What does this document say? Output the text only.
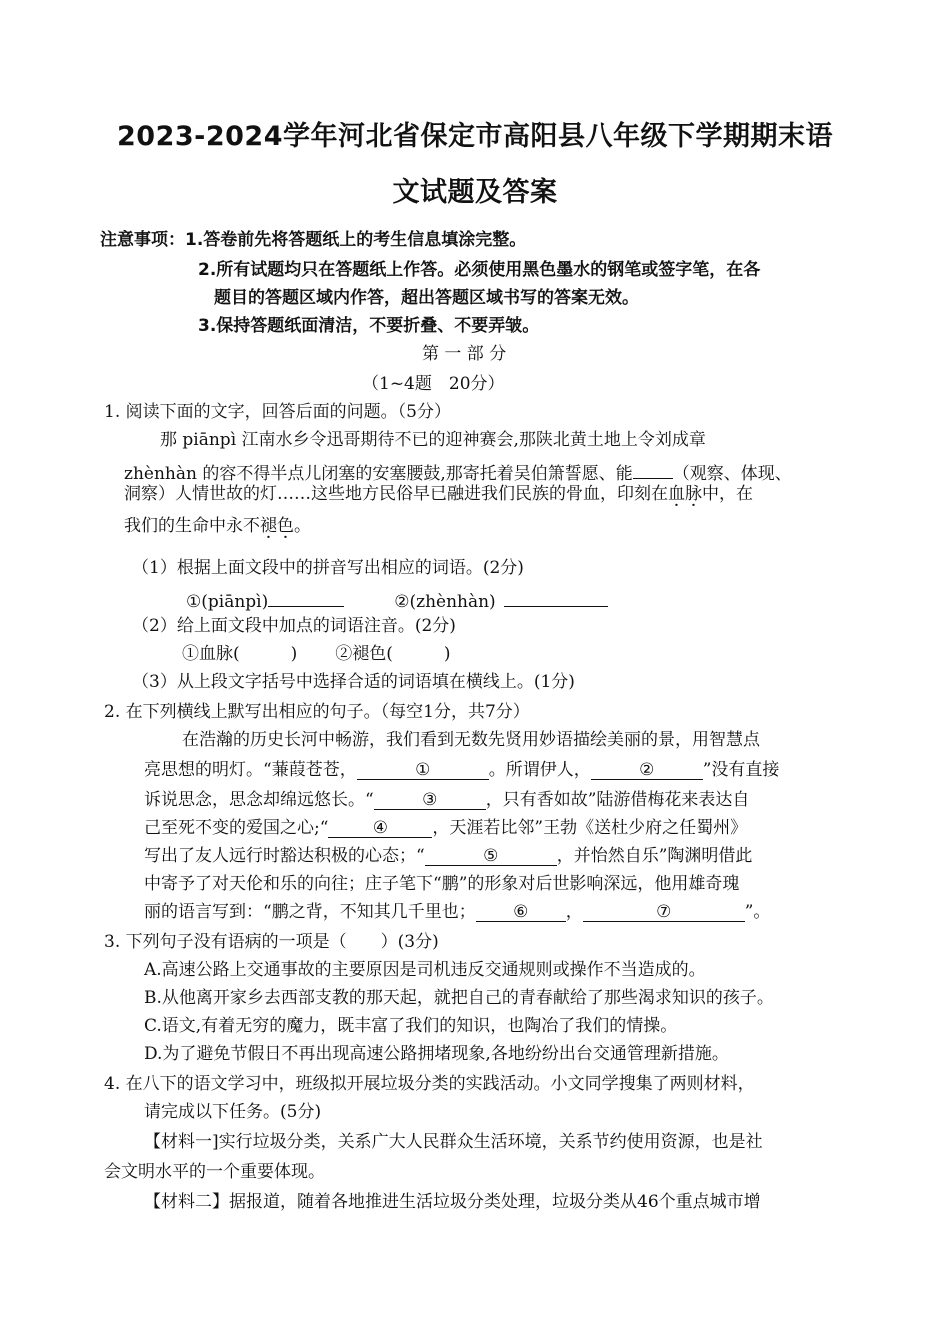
2023-2024学年河北省保定市高阳县八年级下学期期末语
文试题及答案
注意事项：1.答卷前先将答题纸上的考生信息填涂完整。
2.所有试题均只在答题纸上作答。必须使用黑色墨水的钢笔或签字笔，在各
题目的答题区域内作答，超出答题区域书写的答案无效。
3.保持答题纸面清洁，不要折叠、不要弄皱。
第 一 部 分
（1~4题　20分）
1. 阅读下面的文字，回答后面的问题。（5分）
那 piānpì 江南水乡令迅哥期待不已的迎神赛会,那陕北黄土地上令刘成章
zhènhàn 的容不得半点儿闭塞的安塞腰鼓,那寄托着吴伯箫誓愿、能 （观察、体现、
洞察）人情世故的灯……这些地方民俗早已融进我们民族的骨血，印刻在血脉中，在
我们的生命中永不褪色。
（1）根据上面文段中的拼音写出相应的词语。(2分)
①(piānpì)	②(zhènhàn)
（2）给上面文段中加点的词语注音。(2分)
①血脉(　　　) ②褪色(　　　)
（3）从上段文字括号中选择合适的词语填在横线上。(1分)
2. 在下列横线上默写出相应的句子。（每空1分，共7分）
在浩瀚的历史长河中畅游，我们看到无数先贤用妙语描绘美丽的景，用智慧点
亮思想的明灯。“蒹葭苍苍，	①	。所谓伊人，	②	”没有直接
诉说思念，思念却绵远悠长。“	③	，只有香如故”陆游借梅花来表达自
己至死不变的爱国之心;“	④	，天涯若比邻”王勃《送杜少府之任蜀州》
写出了友人远行时豁达积极的心态；“	⑤	，并怡然自乐”陶渊明借此
中寄予了对天伦和乐的向往；庄子笔下“鹏”的形象对后世影响深远，他用雄奇瑰
丽的语言写到：“鹏之背，不知其几千里也； ⑥ ，	⑦	”。
3. 下列句子没有语病的一项是（　　）(3分)
A.高速公路上交通事故的主要原因是司机违反交通规则或操作不当造成的。
B.从他离开家乡去西部支教的那天起，就把自己的青春献给了那些渴求知识的孩子。
C.语文,有着无穷的魔力，既丰富了我们的知识，也陶冶了我们的情操。
D.为了避免节假日不再出现高速公路拥堵现象,各地纷纷出台交通管理新措施。
4. 在八下的语文学习中，班级拟开展垃圾分类的实践活动。小文同学搜集了两则材料，
请完成以下任务。(5分)
【材料一]实行垃圾分类，关系广大人民群众生活环境，关系节约使用资源，也是社
会文明水平的一个重要体现。
【材料二】据报道，随着各地推进生活垃圾分类处理，垃圾分类从46个重点城市增
